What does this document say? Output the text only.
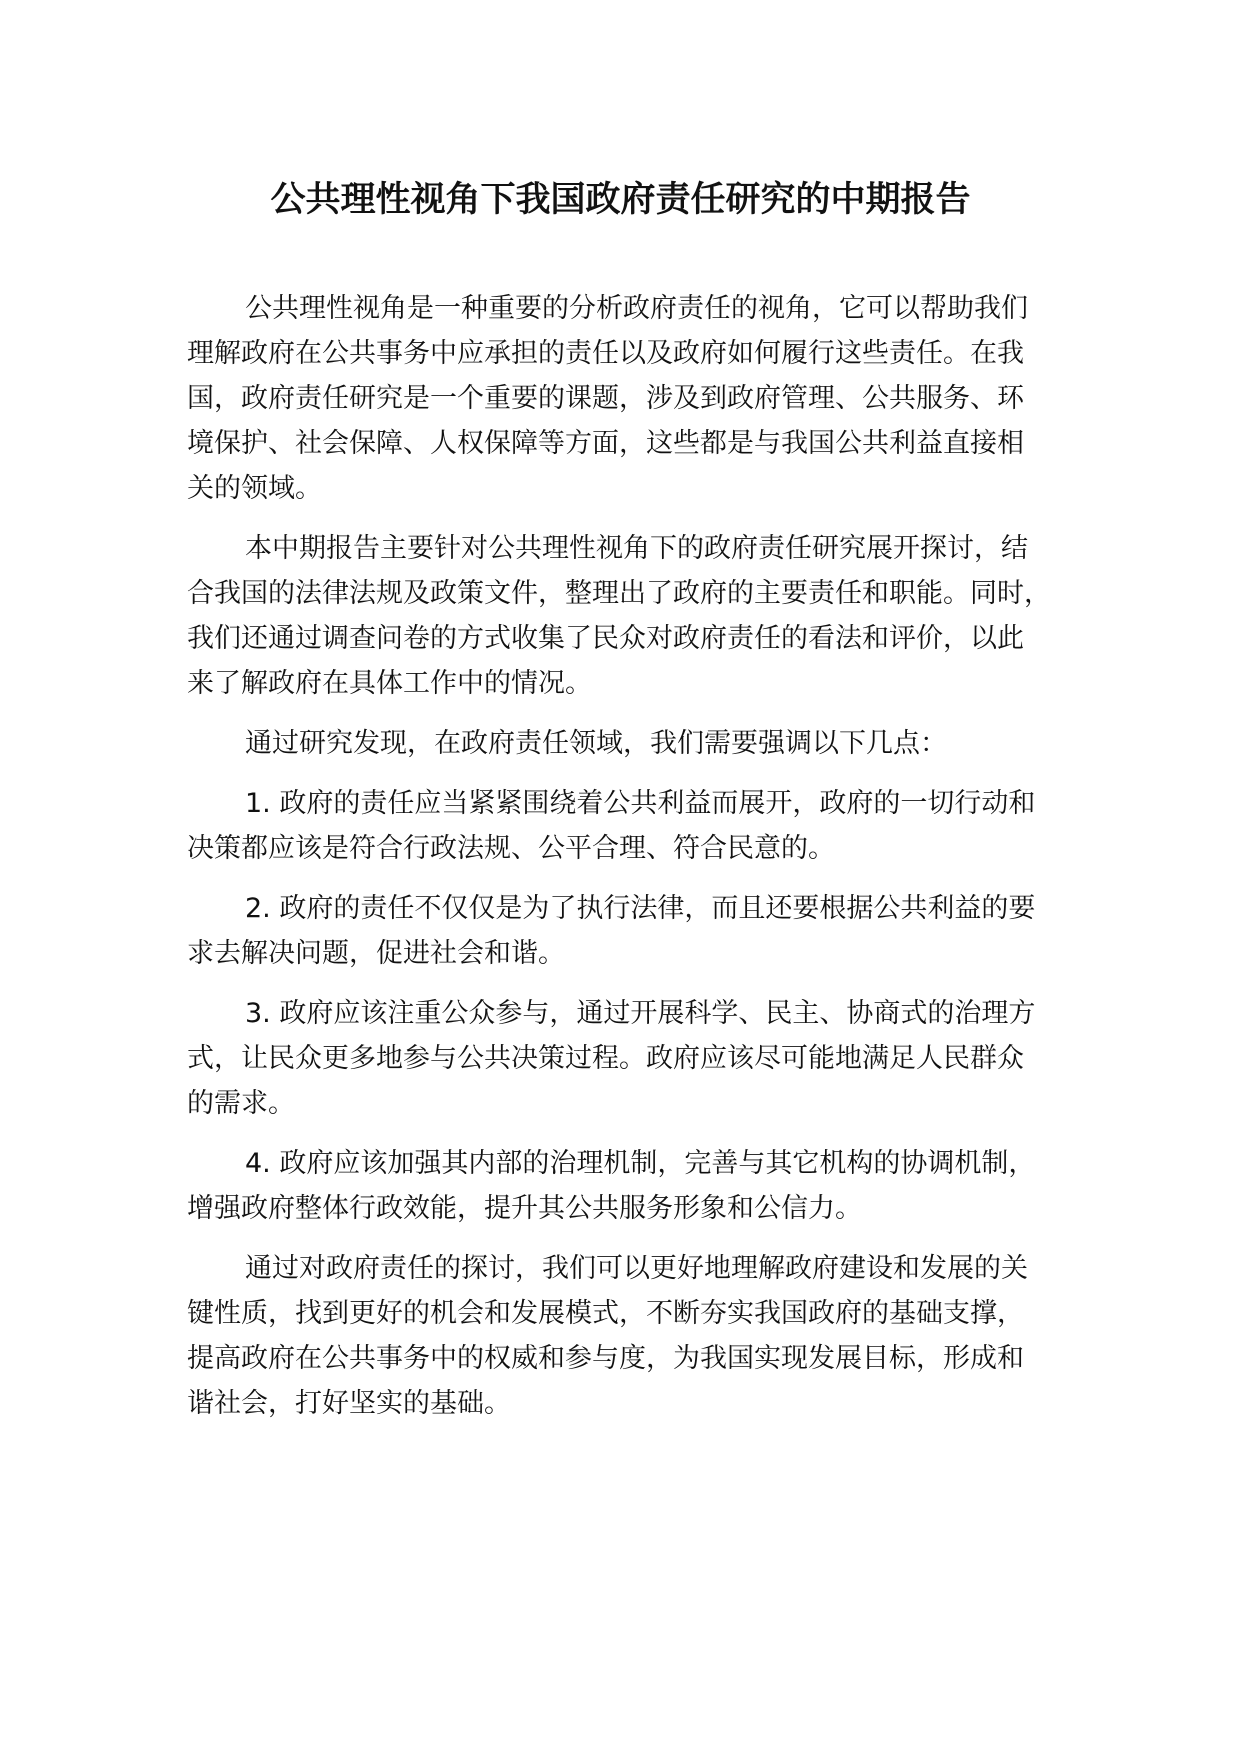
公共理性视角下我国政府责任研究的中期报告
公共理性视角是一种重要的分析政府责任的视角，它可以帮助我们
理解政府在公共事务中应承担的责任以及政府如何履行这些责任。在我
国，政府责任研究是一个重要的课题，涉及到政府管理、公共服务、环
境保护、社会保障、人权保障等方面，这些都是与我国公共利益直接相
关的领域。
本中期报告主要针对公共理性视角下的政府责任研究展开探讨，结
合我国的法律法规及政策文件，整理出了政府的主要责任和职能。同时，
我们还通过调查问卷的方式收集了民众对政府责任的看法和评价，以此
来了解政府在具体工作中的情况。
通过研究发现，在政府责任领域，我们需要强调以下几点：
1. 政府的责任应当紧紧围绕着公共利益而展开，政府的一切行动和
决策都应该是符合行政法规、公平合理、符合民意的。
2. 政府的责任不仅仅是为了执行法律，而且还要根据公共利益的要
求去解决问题，促进社会和谐。
3. 政府应该注重公众参与，通过开展科学、民主、协商式的治理方
式，让民众更多地参与公共决策过程。政府应该尽可能地满足人民群众
的需求。
4. 政府应该加强其内部的治理机制，完善与其它机构的协调机制，
增强政府整体行政效能，提升其公共服务形象和公信力。
通过对政府责任的探讨，我们可以更好地理解政府建设和发展的关
键性质，找到更好的机会和发展模式，不断夯实我国政府的基础支撑，
提高政府在公共事务中的权威和参与度，为我国实现发展目标，形成和
谐社会，打好坚实的基础。
